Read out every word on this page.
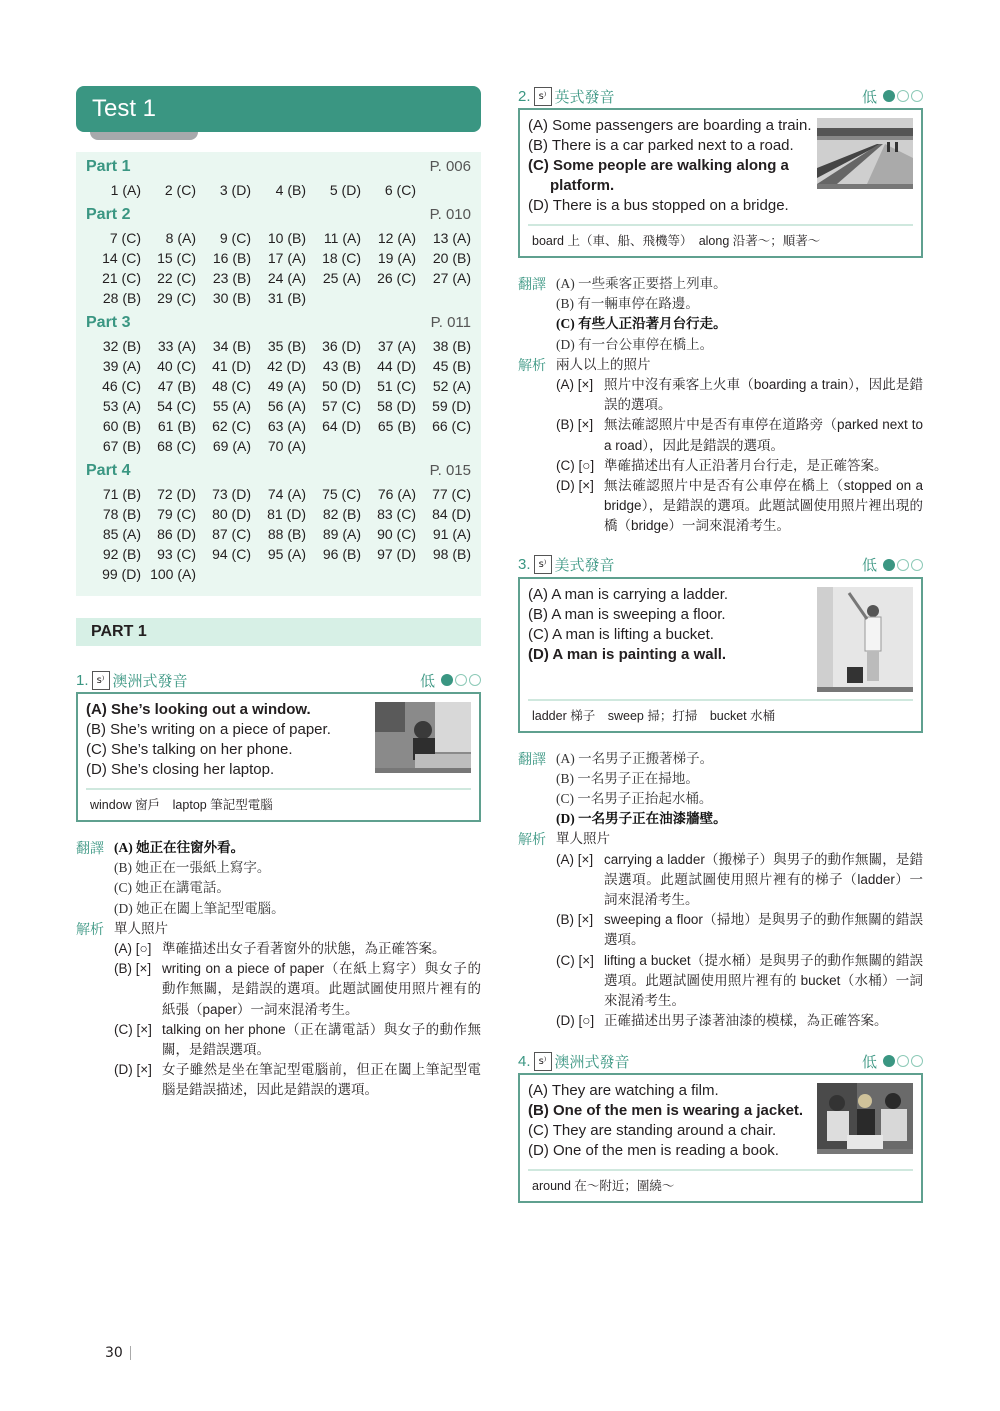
Test 1
Part 1	P. 006
1 (A)	2 (C)	3 (D)	4 (B)	5 (D)	6 (C)
Part 2	P. 010
7 (C)	8 (A)	9 (C)	10 (B)	11 (A)	12 (A)	13 (A)
14 (C)	15 (C)	16 (B)	17 (A)	18 (C)	19 (A)	20 (B)
21 (C)	22 (C)	23 (B)	24 (A)	25 (A)	26 (C)	27 (A)
28 (B)	29 (C)	30 (B)	31 (B)
Part 3	P. 011
32 (B)	33 (A)	34 (B)	35 (B)	36 (D)	37 (A)	38 (B)
39 (A)	40 (C)	41 (D)	42 (D)	43 (B)	44 (D)	45 (B)
46 (C)	47 (B)	48 (C)	49 (A)	50 (D)	51 (C)	52 (A)
53 (A)	54 (C)	55 (A)	56 (A)	57 (C)	58 (D)	59 (D)
60 (B)	61 (B)	62 (C)	63 (A)	64 (D)	65 (B)	66 (C)
67 (B)	68 (C)	69 (A)	70 (A)
Part 4	P. 015
71 (B)	72 (D)	73 (D)	74 (A)	75 (C)	76 (A)	77 (C)
78 (B)	79 (C)	80 (D)	81 (D)	82 (B)	83 (C)	84 (D)
85 (A)	86 (D)	87 (C)	88 (B)	89 (A)	90 (C)	91 (A)
92 (B)	93 (C)	94 (C)	95 (A)	96 (B)	97 (D)	98 (B)
99 (D) 100 (A)
PART 1
1. ꜱ⁾ 澳洲式發音	低
(A) She’s looking out a window.
(B) She’s writing on a piece of paper.
(C) She’s talking on her phone.
(D) She’s closing her laptop.
window 窗戶　laptop 筆記型電腦
翻譯 (A) 她正在往窗外看。
(B) 她正在一張紙上寫字。
(C) 她正在講電話。
(D) 她正在闔上筆記型電腦。
解析 單人照片
(A) [○] 準確描述出女子看著窗外的狀態，為正確答案。
(B) [×] writing on a piece of paper（在紙上寫字）與女子的動作無關，是錯誤的選項。此題試圖使用照片裡有的紙張（paper）一詞來混淆考生。
(C) [×] talking on her phone（正在講電話）與女子的動作無關，是錯誤選項。
(D) [×] 女子雖然是坐在筆記型電腦前，但正在闔上筆記型電腦是錯誤描述，因此是錯誤的選項。
2. ꜱ⁾ 英式發音	低
(A) Some passengers are boarding a train.
(B) There is a car parked next to a road.
(C) Some people are walking along a platform.
(D) There is a bus stopped on a bridge.
board 上（車、船、飛機等）　along 沿著～；順著～
翻譯 (A) 一些乘客正要搭上列車。
(B) 有一輛車停在路邊。
(C) 有些人正沿著月台行走。
(D) 有一台公車停在橋上。
解析 兩人以上的照片
(A) [×] 照片中沒有乘客上火車（boarding a train），因此是錯誤的選項。
(B) [×] 無法確認照片中是否有車停在道路旁（parked next to a road），因此是錯誤的選項。
(C) [○] 準確描述出有人正沿著月台行走，是正確答案。
(D) [×] 無法確認照片中是否有公車停在橋上（stopped on a bridge），是錯誤的選項。此題試圖使用照片裡出現的橋（bridge）一詞來混淆考生。
3. ꜱ⁾ 美式發音	低
(A) A man is carrying a ladder.
(B) A man is sweeping a floor.
(C) A man is lifting a bucket.
(D) A man is painting a wall.
ladder 梯子　sweep 掃；打掃　bucket 水桶
翻譯 (A) 一名男子正搬著梯子。
(B) 一名男子正在掃地。
(C) 一名男子正抬起水桶。
(D) 一名男子正在油漆牆壁。
解析 單人照片
(A) [×] carrying a ladder（搬梯子）與男子的動作無關，是錯誤選項。此題試圖使用照片裡有的梯子（ladder）一詞來混淆考生。
(B) [×] sweeping a floor（掃地）是與男子的動作無關的錯誤選項。
(C) [×] lifting a bucket（提水桶）是與男子的動作無關的錯誤選項。此題試圖使用照片裡有的 bucket（水桶）一詞來混淆考生。
(D) [○] 正確描述出男子漆著油漆的模樣，為正確答案。
4. ꜱ⁾ 澳洲式發音	低
(A) They are watching a film.
(B) One of the men is wearing a jacket.
(C) They are standing around a chair.
(D) One of the men is reading a book.
around 在～附近；圍繞～
30
